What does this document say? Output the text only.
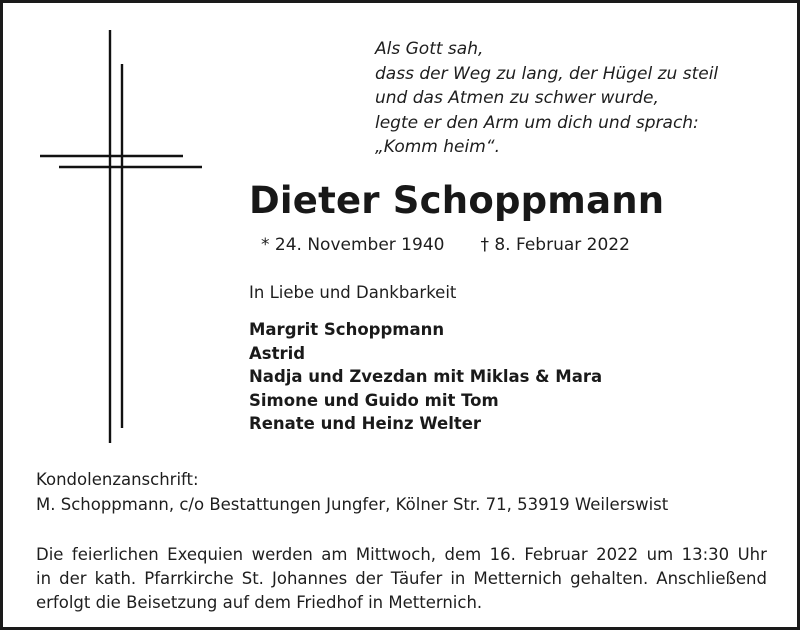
Als Gott sah,
dass der Weg zu lang, der Hügel zu steil
und das Atmen zu schwer wurde,
legte er den Arm um dich und sprach:
„Komm heim“.
Dieter Schoppmann
* 24. November 1940 † 8. Februar 2022
In Liebe und Dankbarkeit
Margrit Schoppmann
Astrid
Nadja und Zvezdan mit Miklas & Mara
Simone und Guido mit Tom
Renate und Heinz Welter
Kondolenzanschrift:
M. Schoppmann, c/o Bestattungen Jungfer, Kölner Str. 71, 53919 Weilerswist
Die feierlichen Exequien werden am Mittwoch, dem 16. Februar 2022 um 13:30 Uhr
in der kath. Pfarrkirche St. Johannes der Täufer in Metternich gehalten. Anschließend
erfolgt die Beisetzung auf dem Friedhof in Metternich.
